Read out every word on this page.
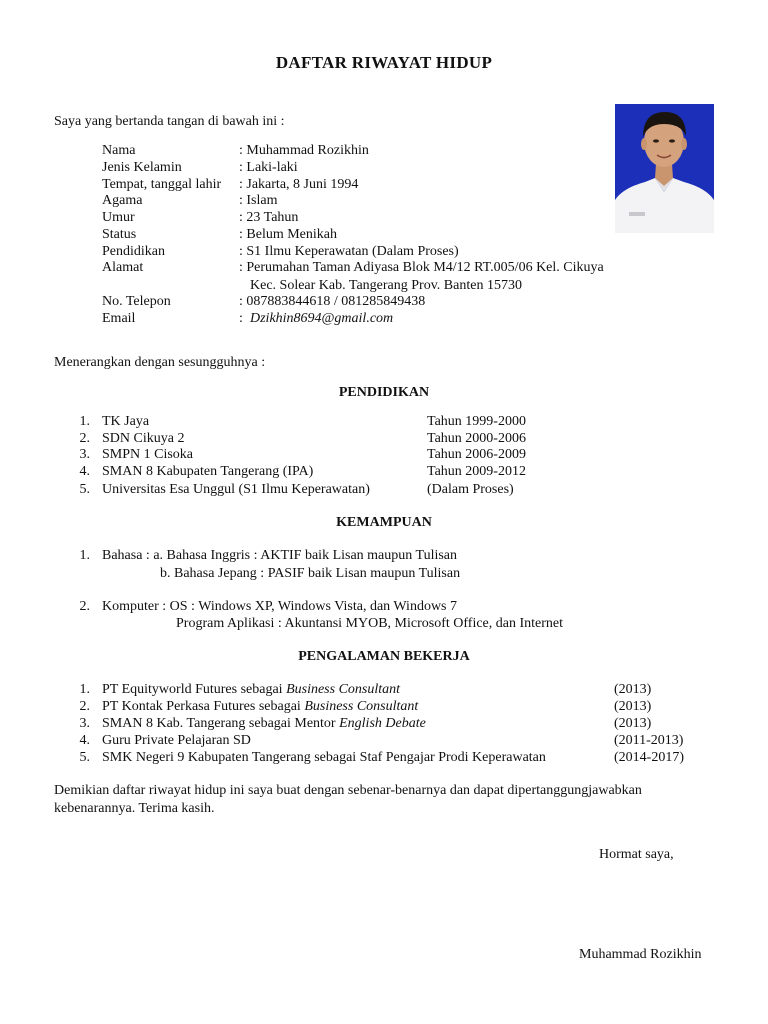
DAFTAR RIWAYAT HIDUP
Saya yang bertanda tangan di bawah ini :
Nama	: Muhammad Rozikhin
Jenis Kelamin	: Laki-laki
Tempat, tanggal lahir : Jakarta, 8 Juni 1994
Agama	: Islam
Umur	: 23 Tahun
Status	: Belum Menikah
Pendidikan	: S1 Ilmu Keperawatan (Dalam Proses)
Alamat	: Perumahan Taman Adiyasa Blok M4/12 RT.005/06 Kel. Cikuya
Kec. Solear Kab. Tangerang Prov. Banten 15730
No. Telepon	: 087883844618 / 081285849438
Email	: Dzikhin8694@gmail.com
Menerangkan dengan sesungguhnya :
PENDIDIKAN
1. TK Jaya	Tahun 1999-2000
2. SDN Cikuya 2	Tahun 2000-2006
3. SMPN 1 Cisoka	Tahun 2006-2009
4. SMAN 8 Kabupaten Tangerang (IPA)	Tahun 2009-2012
5. Universitas Esa Unggul (S1 Ilmu Keperawatan)	(Dalam Proses)
KEMAMPUAN
1. Bahasa : a. Bahasa Inggris : AKTIF baik Lisan maupun Tulisan
b. Bahasa Jepang : PASIF baik Lisan maupun Tulisan
2. Komputer : OS : Windows XP, Windows Vista, dan Windows 7
Program Aplikasi : Akuntansi MYOB, Microsoft Office, dan Internet
PENGALAMAN BEKERJA
1. PT Equityworld Futures sebagai Business Consultant	(2013)
2. PT Kontak Perkasa Futures sebagai Business Consultant	(2013)
3. SMAN 8 Kab. Tangerang sebagai Mentor English Debate	(2013)
4. Guru Private Pelajaran SD	(2011-2013)
5. SMK Negeri 9 Kabupaten Tangerang sebagai Staf Pengajar Prodi Keperawatan	(2014-2017)
Demikian daftar riwayat hidup ini saya buat dengan sebenar-benarnya dan dapat dipertanggungjawabkan kebenarannya. Terima kasih.
Hormat saya,
Muhammad Rozikhin
